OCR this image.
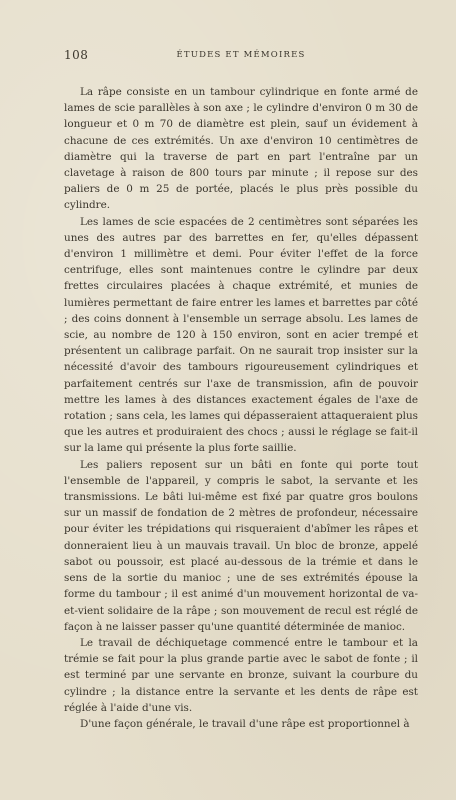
108	ÉTUDES ET MÉMOIRES

La râpe consiste en un tambour cylindrique en fonte armé de lames de scie parallèles à son axe ; le cylindre d'environ 0 m 30 de longueur et 0 m 70 de diamètre est plein, sauf un évidement à chacune de ces extrémités. Un axe d'environ 10 centimètres de diamètre qui la traverse de part en part l'entraîne par un clavetage à raison de 800 tours par minute ; il repose sur des paliers de 0 m 25 de portée, placés le plus près possible du cylindre.

Les lames de scie espacées de 2 centimètres sont séparées les unes des autres par des barrettes en fer, qu'elles dépassent d'environ 1 millimètre et demi. Pour éviter l'effet de la force centrifuge, elles sont maintenues contre le cylindre par deux frettes circulaires placées à chaque extrémité, et munies de lumières permettant de faire entrer les lames et barrettes par côté ; des coins donnent à l'ensemble un serrage absolu. Les lames de scie, au nombre de 120 à 150 environ, sont en acier trempé et présentent un calibrage parfait. On ne saurait trop insister sur la nécessité d'avoir des tambours rigoureusement cylindriques et parfaitement centrés sur l'axe de transmission, afin de pouvoir mettre les lames à des distances exactement égales de l'axe de rotation ; sans cela, les lames qui dépasseraient attaqueraient plus que les autres et produiraient des chocs ; aussi le réglage se fait-il sur la lame qui présente la plus forte saillie.

Les paliers reposent sur un bâti en fonte qui porte tout l'ensemble de l'appareil, y compris le sabot, la servante et les transmissions. Le bâti lui-même est fixé par quatre gros boulons sur un massif de fondation de 2 mètres de profondeur, nécessaire pour éviter les trépidations qui risqueraient d'abîmer les râpes et donneraient lieu à un mauvais travail. Un bloc de bronze, appelé sabot ou poussoir, est placé au-dessous de la trémie et dans le sens de la sortie du manioc ; une de ses extrémités épouse la forme du tambour ; il est animé d'un mouvement horizontal de va-et-vient solidaire de la râpe ; son mouvement de recul est réglé de façon à ne laisser passer qu'une quantité déterminée de manioc.

Le travail de déchiquetage commencé entre le tambour et la trémie se fait pour la plus grande partie avec le sabot de fonte ; il est terminé par une servante en bronze, suivant la courbure du cylindre ; la distance entre la servante et les dents de râpe est réglée à l'aide d'une vis.

D'une façon générale, le travail d'une râpe est proportionnel à
